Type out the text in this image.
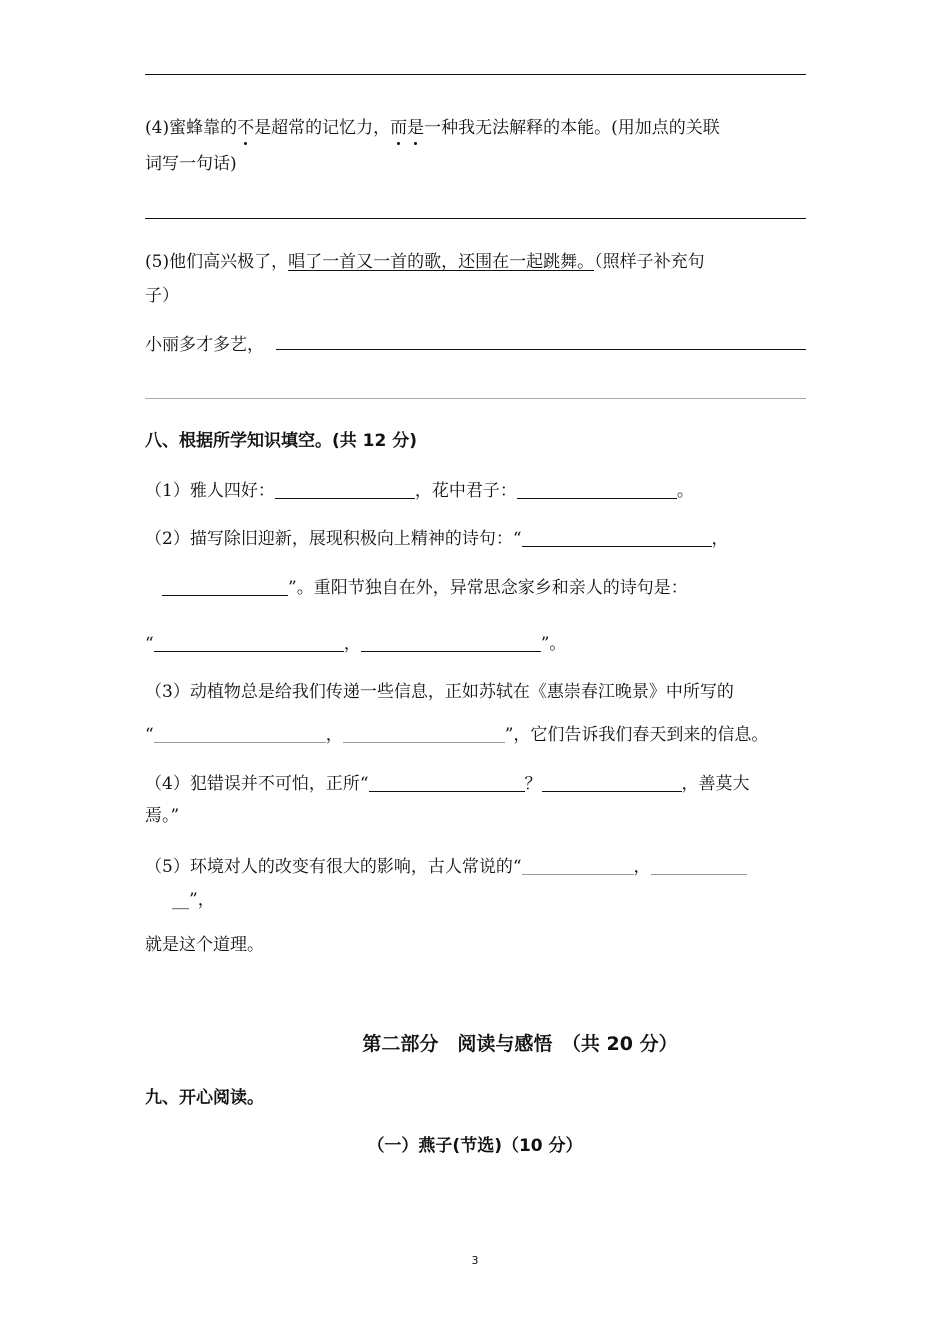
(4)蜜蜂靠的不是超常的记忆力，而是一种我无法解释的本能。(用加点的关联
词写一句话)
(5)他们高兴极了，唱了一首又一首的歌，还围在一起跳舞。（照样子补充句
子）
小丽多才多艺，
八、根据所学知识填空。(共 12 分)
（1）雅人四好：	，花中君子：	。
（2）描写除旧迎新，展现积极向上精神的诗句：“	，
”。重阳节独自在外，异常思念家乡和亲人的诗句是：
“	，	”。
（3）动植物总是给我们传递一些信息，正如苏轼在《惠崇春江晚景》中所写的
“	，	”，它们告诉我们春天到来的信息。
（4）犯错误并不可怕，正所“	？	，善莫大
焉。”
（5）环境对人的改变有很大的影响，古人常说的“	，
__”，
就是这个道理。
第二部分　阅读与感悟　（共 20 分）
九、开心阅读。
（一）燕子(节选)（10 分）
3
